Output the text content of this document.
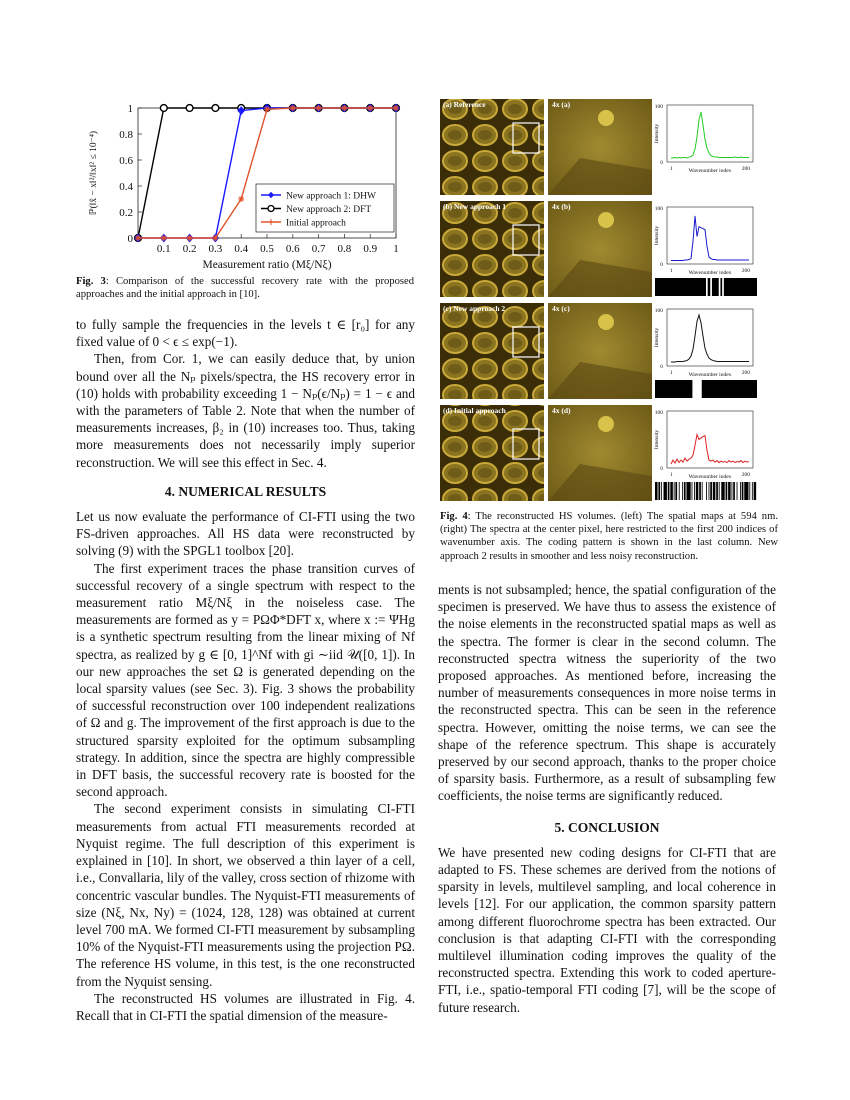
0
0.2
0.4
0.6
0.8
1
0.1 0.2 0.3 0.4 0.5 0.6 0.7 0.8 0.9 1
Measurement ratio (Mξ/Nξ)
ℙ(‖x̂ − x‖²/‖x‖² ≤ 10⁻⁴)	New approach 1: DHW
New approach 2: DFT
Initial approach
Fig. 3: Comparison of the successful recovery rate with the proposed approaches and the initial approach in [10].

to fully sample the frequencies in the levels t ∈ [r₀] for any fixed value of 0 < ϵ ≤ exp(−1).

Then, from Cor. 1, we can easily deduce that, by union bound over all the Nₚ pixels/spectra, the HS recovery error in (10) holds with probability exceeding 1 − Nₚ(ϵ/Nₚ) = 1 − ϵ and with the parameters of Table 2. Note that when the number of measurements increases, β₂ in (10) increases too. Thus, taking more measurements does not necessarily imply superior reconstruction. We will see this effect in Sec. 4.

4. NUMERICAL RESULTS

Let us now evaluate the performance of CI-FTI using the two FS-driven approaches. All HS data were reconstructed by solving (9) with the SPGL1 toolbox [20].

The first experiment traces the phase transition curves of successful recovery of a single spectrum with respect to the measurement ratio Mξ/Nξ in the noiseless case. The measurements are formed as y = PΩΦ*DFT x, where x := ΨHg is a synthetic spectrum resulting from the linear mixing of Nf spectra, as realized by g ∈ [0, 1]^Nf with gi ∼iid 𝒰([0, 1]). In our new approaches the set Ω is generated depending on the local sparsity values (see Sec. 3). Fig. 3 shows the probability of successful reconstruction over 100 independent realizations of Ω and g. The improvement of the first approach is due to the structured sparsity exploited for the optimum subsampling strategy. In addition, since the spectra are highly compressible in DFT basis, the successful recovery rate is boosted for the second approach.

The second experiment consists in simulating CI-FTI measurements from actual FTI measurements recorded at Nyquist regime. The full description of this experiment is explained in [10]. In short, we observed a thin layer of a cell, i.e., Convallaria, lily of the valley, cross section of rhizome with concentric vascular bundles. The Nyquist-FTI measurements of size (Nξ, Nx, Ny) = (1024, 128, 128) was obtained at current level 700 mA. We formed CI-FTI measurement by subsampling 10% of the Nyquist-FTI measurements using the projection PΩ. The reference HS volume, in this test, is the one reconstructed from the Nyquist sensing.

The reconstructed HS volumes are illustrated in Fig. 4. Recall that in CI-FTI the spatial dimension of the measure-

(a) Reference	4x (a)	100
0
1	200
Wavenumber index
Intensity
(b) New approach 1	4x (b)	100
0
1	200
Wavenumber index
Intensity
(c) New approach 2	4x (c)	100
0
1	200
Wavenumber index
Intensity
(d) Initial approach	4x (d)	100
0
1	200
Wavenumber index
Intensity
Fig. 4: The reconstructed HS volumes. (left) The spatial maps at 594 nm. (right) The spectra at the center pixel, here restricted to the first 200 indices of wavenumber axis. The coding pattern is shown in the last column. New approach 2 results in smoother and less noisy reconstruction.

ments is not subsampled; hence, the spatial configuration of the specimen is preserved. We have thus to assess the existence of the noise elements in the reconstructed spatial maps as well as the spectra. The former is clear in the second column. The reconstructed spectra witness the superiority of the two proposed approaches. As mentioned before, increasing the number of measurements consequences in more noise terms in the reconstructed spectra. This can be seen in the reference spectra. However, omitting the noise terms, we can see the shape of the reference spectrum. This shape is accurately preserved by our second approach, thanks to the proper choice of sparsity basis. Furthermore, as a result of subsampling few coefficients, the noise terms are significantly reduced.

5. CONCLUSION

We have presented new coding designs for CI-FTI that are adapted to FS. These schemes are derived from the notions of sparsity in levels, multilevel sampling, and local coherence in levels [12]. For our application, the common sparsity pattern among different fluorochrome spectra has been extracted. Our conclusion is that adapting CI-FTI with the corresponding multilevel illumination coding improves the quality of the reconstructed spectra. Extending this work to coded aperture-FTI, i.e., spatio-temporal FTI coding [7], will be the scope of future research.
